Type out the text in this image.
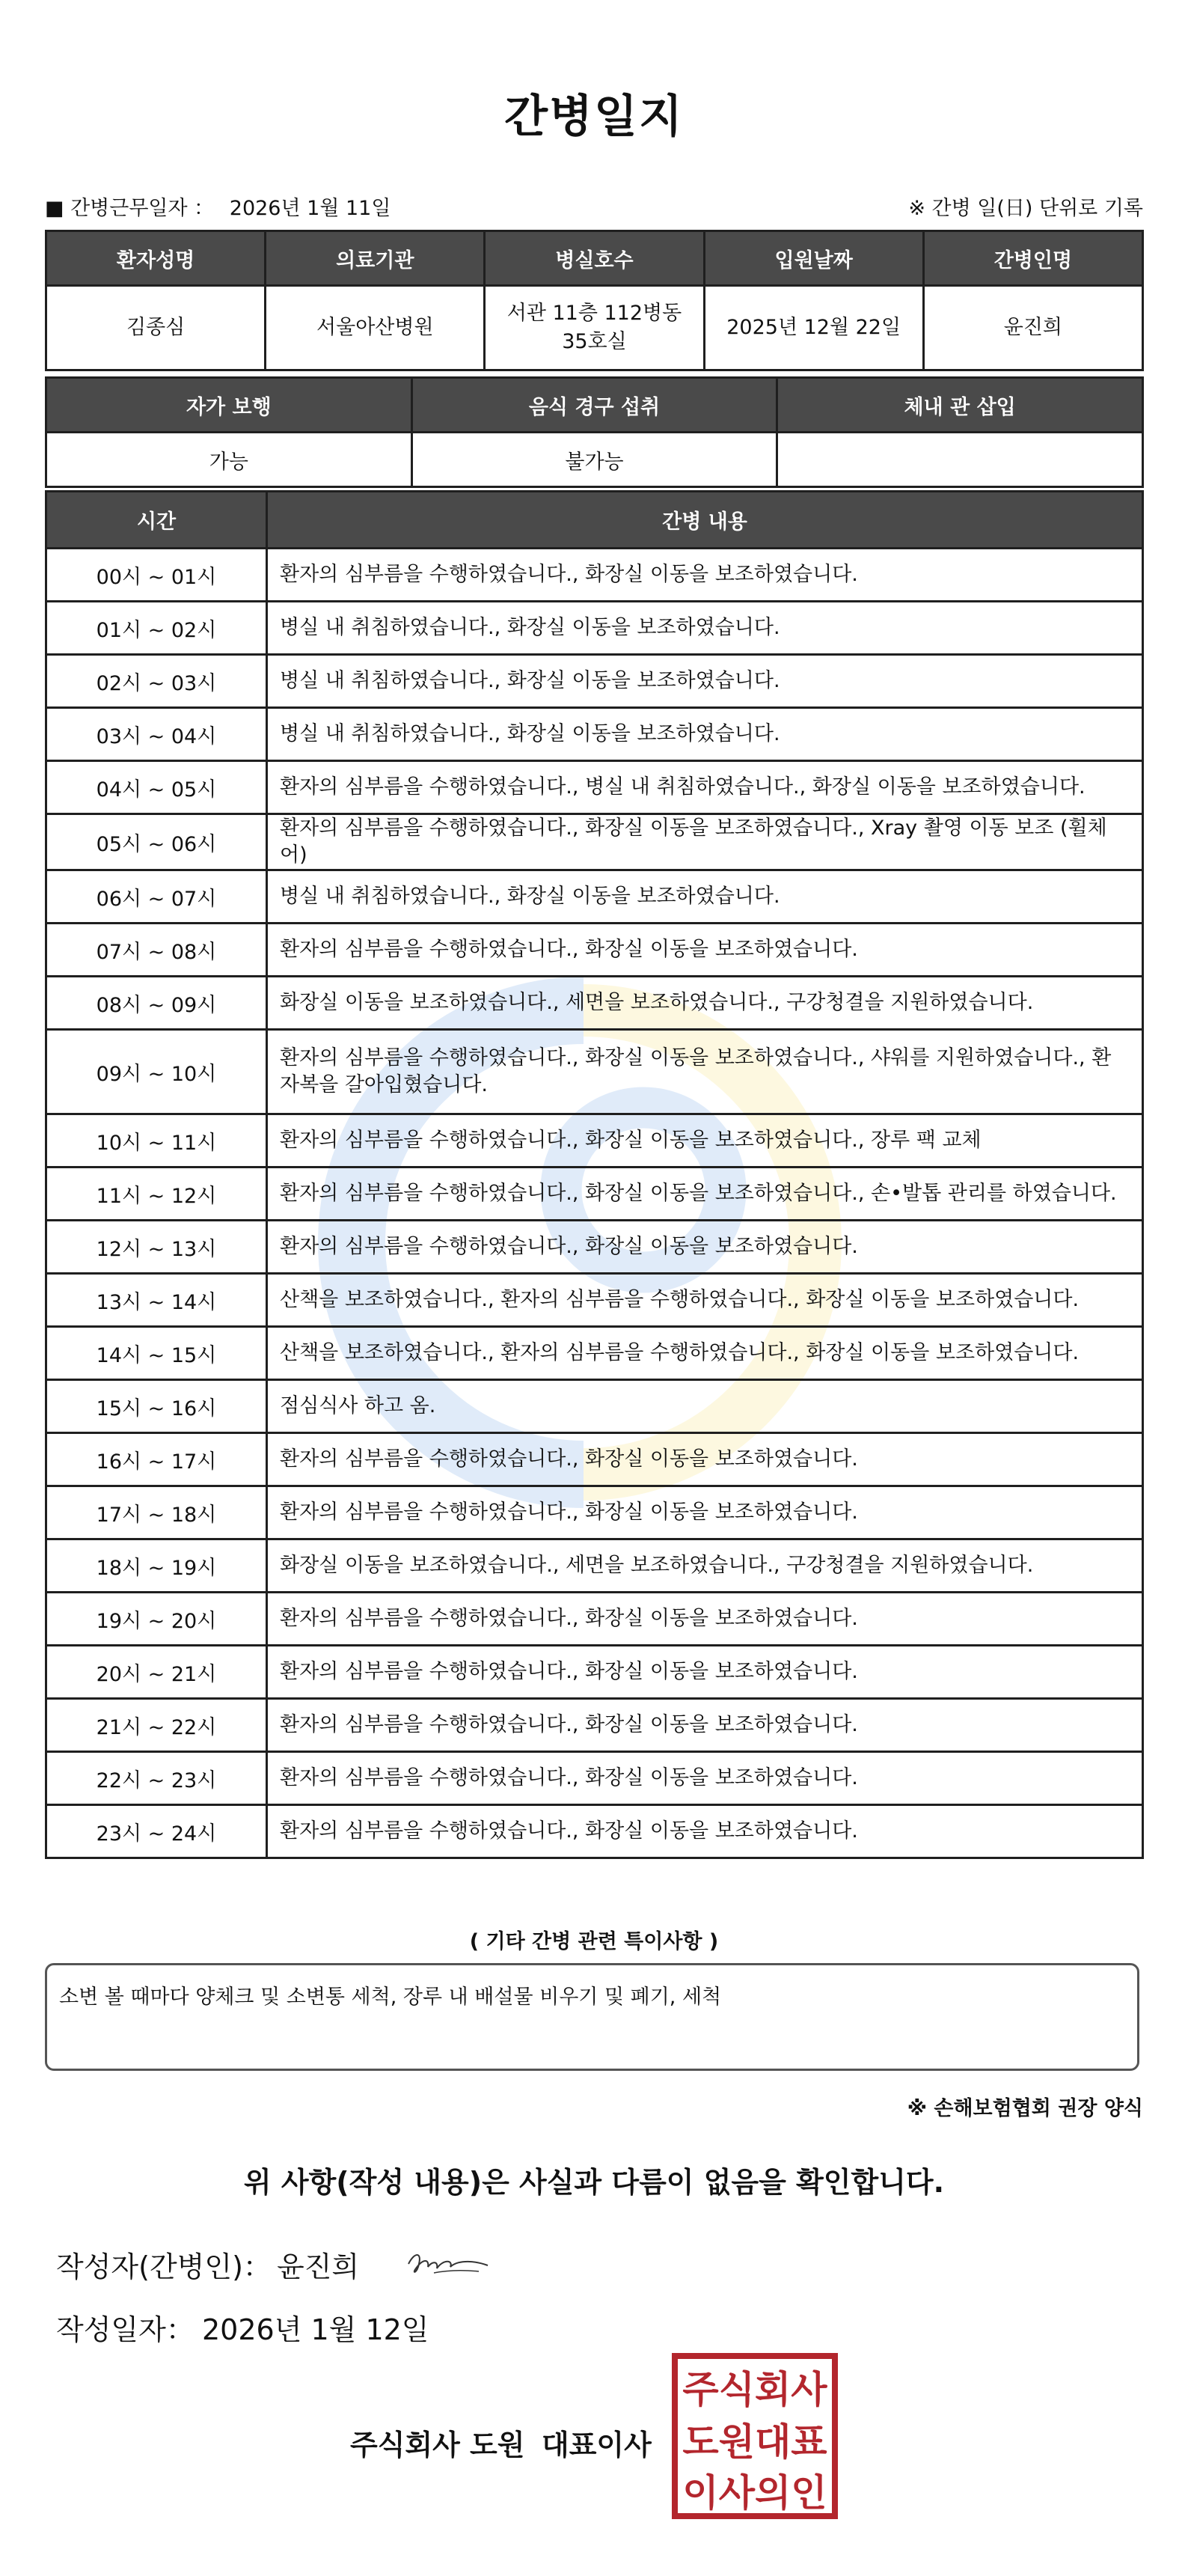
간병일지
■ 간병근무일자 ： 2026년 1월 11일	※ 간병 일(日) 단위로 기록
환자성명	의료기관	병실호수	입원날짜	간병인명
김종심	서울아산병원	서관 11층 112병동 35호실	2025년 12월 22일	윤진희
자가 보행	음식 경구 섭취	체내 관 삽입
가능	불가능	
시간	간병 내용
00시 ~ 01시	환자의 심부름을 수행하였습니다., 화장실 이동을 보조하였습니다.
01시 ~ 02시	병실 내 취침하였습니다., 화장실 이동을 보조하였습니다.
02시 ~ 03시	병실 내 취침하였습니다., 화장실 이동을 보조하였습니다.
03시 ~ 04시	병실 내 취침하였습니다., 화장실 이동을 보조하였습니다.
04시 ~ 05시	환자의 심부름을 수행하였습니다., 병실 내 취침하였습니다., 화장실 이동을 보조하였습니다.
05시 ~ 06시	환자의 심부름을 수행하였습니다., 화장실 이동을 보조하였습니다., Xray 촬영 이동 보조 (휠체어)
06시 ~ 07시	병실 내 취침하였습니다., 화장실 이동을 보조하였습니다.
07시 ~ 08시	환자의 심부름을 수행하였습니다., 화장실 이동을 보조하였습니다.
08시 ~ 09시	화장실 이동을 보조하였습니다., 세면을 보조하였습니다., 구강청결을 지원하였습니다.
09시 ~ 10시	환자의 심부름을 수행하였습니다., 화장실 이동을 보조하였습니다., 샤워를 지원하였습니다., 환자복을 갈아입혔습니다.
10시 ~ 11시	환자의 심부름을 수행하였습니다., 화장실 이동을 보조하였습니다., 장루 팩 교체
11시 ~ 12시	환자의 심부름을 수행하였습니다., 화장실 이동을 보조하였습니다., 손•발톱 관리를 하였습니다.
12시 ~ 13시	환자의 심부름을 수행하였습니다., 화장실 이동을 보조하였습니다.
13시 ~ 14시	산책을 보조하였습니다., 환자의 심부름을 수행하였습니다., 화장실 이동을 보조하였습니다.
14시 ~ 15시	산책을 보조하였습니다., 환자의 심부름을 수행하였습니다., 화장실 이동을 보조하였습니다.
15시 ~ 16시	점심식사 하고 옴.
16시 ~ 17시	환자의 심부름을 수행하였습니다., 화장실 이동을 보조하였습니다.
17시 ~ 18시	환자의 심부름을 수행하였습니다., 화장실 이동을 보조하였습니다.
18시 ~ 19시	화장실 이동을 보조하였습니다., 세면을 보조하였습니다., 구강청결을 지원하였습니다.
19시 ~ 20시	환자의 심부름을 수행하였습니다., 화장실 이동을 보조하였습니다.
20시 ~ 21시	환자의 심부름을 수행하였습니다., 화장실 이동을 보조하였습니다.
21시 ~ 22시	환자의 심부름을 수행하였습니다., 화장실 이동을 보조하였습니다.
22시 ~ 23시	환자의 심부름을 수행하였습니다., 화장실 이동을 보조하였습니다.
23시 ~ 24시	환자의 심부름을 수행하였습니다., 화장실 이동을 보조하였습니다.
( 기타 간병 관련 특이사항 )
소변 볼 때마다 양체크 및 소변통 세척, 장루 내 배설물 비우기 및 폐기, 세척
※ 손해보험협회 권장 양식
위 사항(작성 내용)은 사실과 다름이 없음을 확인합니다.
작성자(간병인)： 윤진희
작성일자： 2026년 1월 12일
주식회사 도원 대표이사
주식회사
도원대표
이사의인
